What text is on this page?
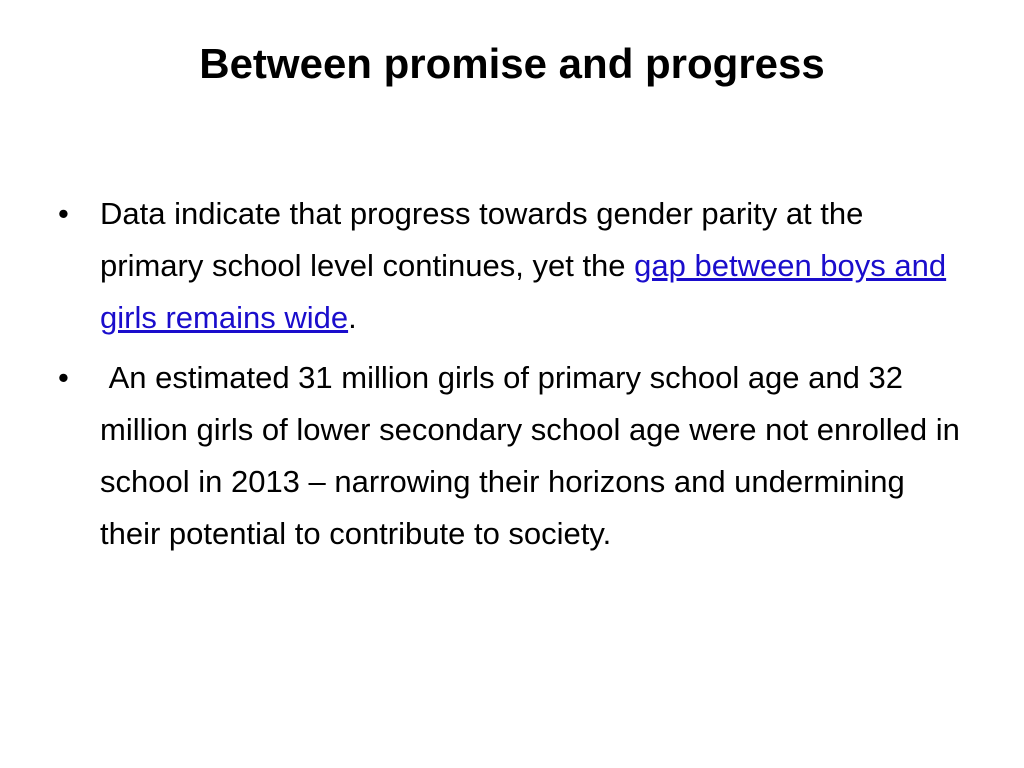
Between promise and progress
•	Data indicate that progress towards gender parity at the primary school level continues, yet the gap between boys and girls remains wide.
•	An estimated 31 million girls of primary school age and 32 million girls of lower secondary school age were not enrolled in school in 2013 – narrowing their horizons and undermining their potential to contribute to society.
